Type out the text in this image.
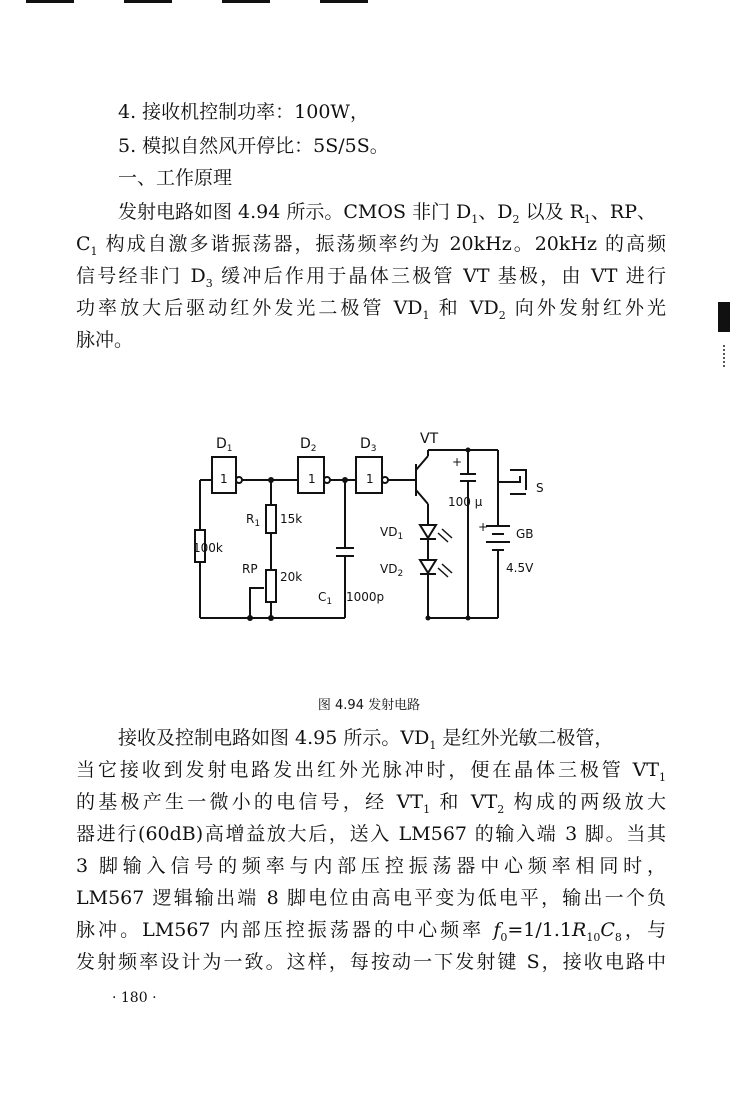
4. 接收机控制功率：100W，
5. 模拟自然风开停比：5S/5S。
一、工作原理
发射电路如图 4.94 所示。CMOS 非门 $D_1$、$D_2$ 以及 $R_1$、RP、
$C_1$ 构成自激多谐振荡器，振荡频率约为 20kHz。20kHz 的高频
信号经非门 $D_3$ 缓冲后作用于晶体三极管 VT 基极，由 VT 进行
功率放大后驱动红外发光二极管 $VD_1$ 和 $VD_2$ 向外发射红外光
脉冲。
$D_1$	$D_2$	$D_3$
1	1	1
VT
+
100 μ
$R_1$ 15k
100k
RP
20k
$C_1$ 1000p
$VD_1$
$VD_2$
+ GB
4.5V
S
图 4.94 发射电路
接收及控制电路如图 4.95 所示。$VD_1$ 是红外光敏二极管，
当它接收到发射电路发出红外光脉冲时，便在晶体三极管 $VT_1$
的基极产生一微小的电信号，经 $VT_1$ 和 $VT_2$ 构成的两级放大
器进行(60dB)高增益放大后，送入 LM567 的输入端 3 脚。当其
3 脚输入信号的频率与内部压控振荡器中心频率相同时，
LM567 逻辑输出端 8 脚电位由高电平变为低电平，输出一个负
脉冲。LM567 内部压控振荡器的中心频率 $f_0=1/1.1R_{10}C_8$，与
发射频率设计为一致。这样，每按动一下发射键 S，接收电路中
· 180 ·
